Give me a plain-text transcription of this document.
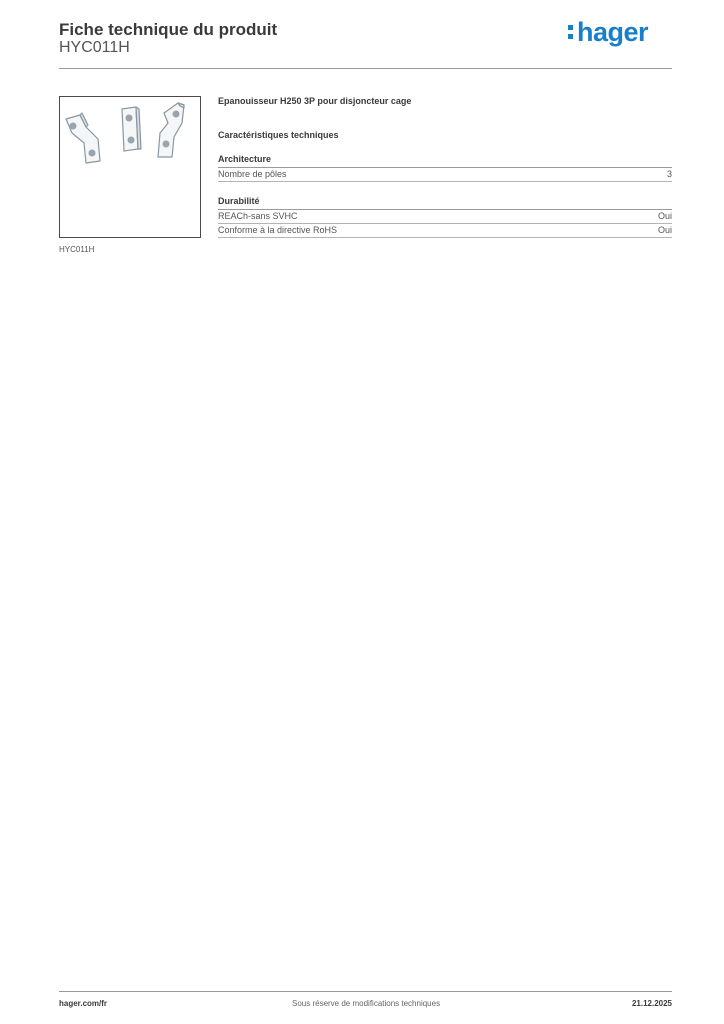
Fiche technique du produit
HYC011H
hager
HYC011H
Epanouisseur H250 3P pour disjoncteur cage
Caractéristiques techniques
Architecture
Nombre de pôles	3
Durabilité
REACh-sans SVHC	Oui
Conforme à la directive RoHS	Oui
hager.com/fr	Sous réserve de modifications techniques	21.12.2025
